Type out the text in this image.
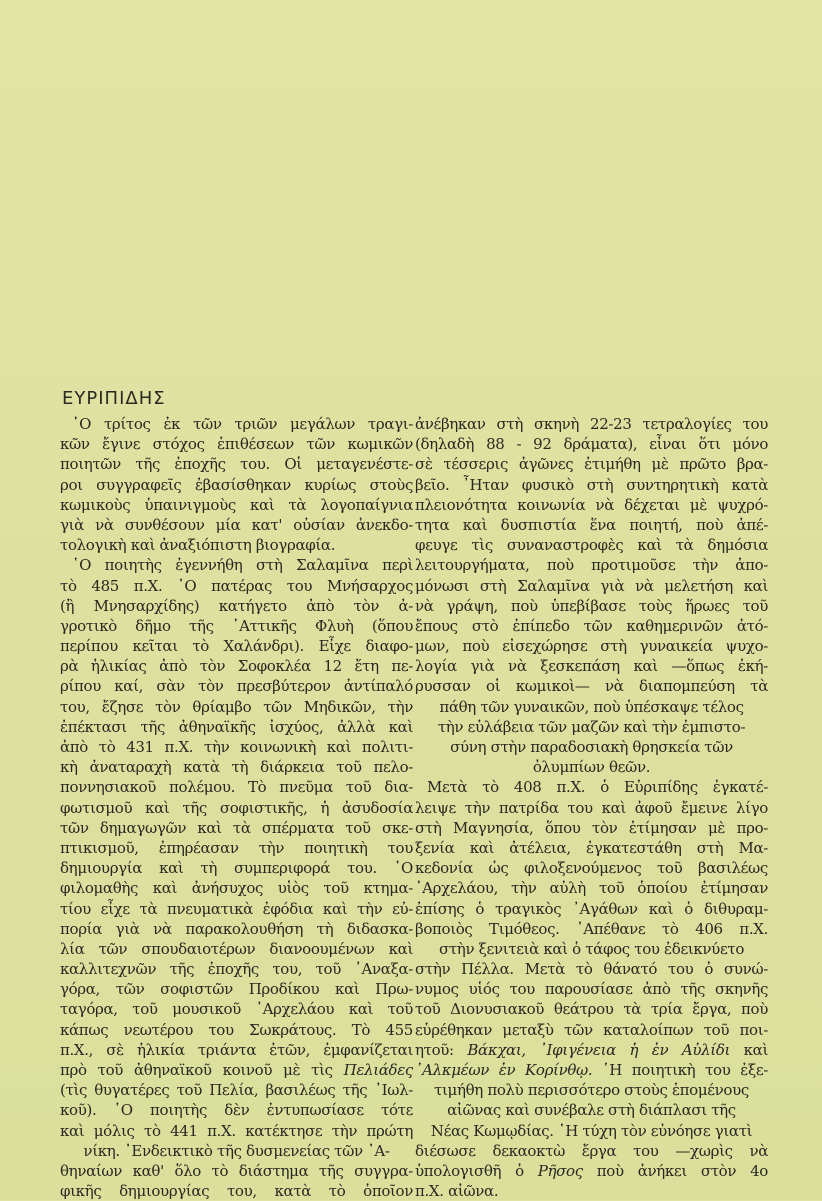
ΕΥΡΙΠΙΔΗΣ
῾Ο τρίτος ἐκ τῶν τριῶν μεγάλων τραγι-
κῶν ἔγινε στόχος ἐπιθέσεων τῶν κωμικῶν
ποιητῶν τῆς ἐποχῆς του. Οἱ μεταγενέστε-
ροι συγγραφεῖς ἐβασίσθηκαν κυρίως στοὺς
κωμικοὺς ὑπαινιγμοὺς καὶ τὰ λογοπαίγνια
γιὰ νὰ συνθέσουν μία κατ' οὐσίαν ἀνεκδο-
τολογικὴ καὶ ἀναξιόπιστη βιογραφία.
῾Ο ποιητὴς ἐγεννήθη στὴ Σαλαμῖνα περὶ
τὸ 485 π.Χ. ῾Ο πατέρας του Μνήσαρχος
(ἢ Μνησαρχίδης) κατήγετο ἀπὸ τὸν ἀ-
γροτικὸ δῆμο τῆς ᾿Αττικῆς Φλυὴ (ὅπου
περίπου κεῖται τὸ Χαλάνδρι). Εἶχε διαφο-
ρὰ ἡλικίας ἀπὸ τὸν Σοφοκλέα 12 ἔτη πε-
ρίπου καί, σὰν τὸν πρεσβύτερον ἀντίπαλό
του, ἔζησε τὸν θρίαμβο τῶν Μηδικῶν, τὴν
ἐπέκτασι τῆς ἀθηναϊκῆς ἰσχύος, ἀλλὰ καὶ
ἀπὸ τὸ 431 π.Χ. τὴν κοινωνικὴ καὶ πολιτι-
κὴ ἀναταραχὴ κατὰ τὴ διάρκεια τοῦ πελο-
ποννησιακοῦ πολέμου. Τὸ πνεῦμα τοῦ δια-
φωτισμοῦ καὶ τῆς σοφιστικῆς, ἡ ἀσυδοσία
τῶν δημαγωγῶν καὶ τὰ σπέρματα τοῦ σκε-
πτικισμοῦ, ἐπηρέασαν τὴν ποιητικὴ του
δημιουργία καὶ τὴ συμπεριφορά του. ῾Ο
φιλομαθὴς καὶ ἀνήσυχος υἱὸς τοῦ κτημα-
τίου εἶχε τὰ πνευματικὰ ἐφόδια καὶ τὴν εὐ-
πορία γιὰ νὰ παρακολουθήση τὴ διδασκα-
λία τῶν σπουδαιοτέρων διανοουμένων καὶ
καλλιτεχνῶν τῆς ἐποχῆς του, τοῦ ᾿Αναξα-
γόρα, τῶν σοφιστῶν Προδίκου καὶ Πρω-
ταγόρα, τοῦ μουσικοῦ ᾿Αρχελάου καὶ τοῦ
κάπως νεωτέρου του Σωκράτους. Τὸ 455
π.Χ., σὲ ἡλικία τριάντα ἐτῶν, ἐμφανίζεται
πρὸ τοῦ ἀθηναϊκοῦ κοινοῦ μὲ τὶς Πελιάδες
(τὶς θυγατέρες τοῦ Πελία, βασιλέως τῆς ᾿Ιωλ-
κοῦ). ῾Ο ποιητὴς δὲν ἐντυπωσίασε τότε
καὶ μόλις τὸ 441 π.Χ. κατέκτησε τὴν πρώτη
νίκη. ᾿Ενδεικτικὸ τῆς δυσμενείας τῶν ᾿Α-
θηναίων καθ' ὅλο τὸ διάστημα τῆς συγγρα-
φικῆς δημιουργίας του, κατὰ τὸ ὁποῖον
ἀνέβηκαν στὴ σκηνὴ 22-23 τετραλογίες του
(δηλαδὴ 88 - 92 δράματα), εἶναι ὅτι μόνο
σὲ τέσσερις ἀγῶνες ἐτιμήθη μὲ πρῶτο βρα-
βεῖο. ῏Ηταν φυσικὸ στὴ συντηρητικὴ κατὰ
πλειονότητα κοινωνία νὰ δέχεται μὲ ψυχρό-
τητα καὶ δυσπιστία ἕνα ποιητή, ποὺ ἀπέ-
φευγε τὶς συναναστροφὲς καὶ τὰ δημόσια
λειτουργήματα, ποὺ προτιμοῦσε τὴν ἀπο-
μόνωσι στὴ Σαλαμῖνα γιὰ νὰ μελετήση καὶ
νὰ γράψη, ποὺ ὑπεβίβασε τοὺς ἥρωες τοῦ
ἔπους στὸ ἐπίπεδο τῶν καθημερινῶν ἀτό-
μων, ποὺ εἰσεχώρησε στὴ γυναικεία ψυχο-
λογία γιὰ νὰ ξεσκεπάση καὶ —ὅπως ἐκή-
ρυσσαν οἱ κωμικοὶ— νὰ διαπομπεύση τὰ
πάθη τῶν γυναικῶν, ποὺ ὑπέσκαψε τέλος
τὴν εὐλάβεια τῶν μαζῶν καὶ τὴν ἐμπιστο-
σύνη στὴν παραδοσιακὴ θρησκεία τῶν
ὀλυμπίων θεῶν.
Μετὰ τὸ 408 π.Χ. ὁ Εὐριπίδης ἐγκατέ-
λειψε τὴν πατρίδα του καὶ ἀφοῦ ἔμεινε λίγο
στὴ Μαγνησία, ὅπου τὸν ἐτίμησαν μὲ προ-
ξενία καὶ ἀτέλεια, ἐγκατεστάθη στὴ Μα-
κεδονία ὡς φιλοξενούμενος τοῦ βασιλέως
᾿Αρχελάου, τὴν αὐλὴ τοῦ ὁποίου ἐτίμησαν
ἐπίσης ὁ τραγικὸς ᾿Αγάθων καὶ ὁ διθυραμ-
βοποιὸς Τιμόθεος. ᾿Απέθανε τὸ 406 π.Χ.
στὴν ξενιτειὰ καὶ ὁ τάφος του ἐδεικνύετο
στὴν Πέλλα. Μετὰ τὸ θάνατό του ὁ συνώ-
νυμος υἱός του παρουσίασε ἀπὸ τῆς σκηνῆς
τοῦ Διονυσιακοῦ θεάτρου τὰ τρία ἔργα, ποὺ
εὑρέθηκαν μεταξὺ τῶν καταλοίπων τοῦ ποι-
ητοῦ: Βάκχαι, ᾿Ιφιγένεια ἡ ἐν Αὐλίδι καὶ
᾿Αλκμέων ἐν Κορίνθῳ. ῾Η ποιητικὴ του ἐξε-
τιμήθη πολὺ περισσότερο στοὺς ἑπομένους
αἰῶνας καὶ συνέβαλε στὴ διάπλασι τῆς
Νέας Κωμῳδίας. ῾Η τύχη τὸν εὐνόησε γιατὶ
διέσωσε δεκαοκτὼ ἔργα του —χωρὶς νὰ
ὑπολογισθῆ ὁ Ρῆσος ποὺ ἀνήκει στὸν 4ο
π.Χ. αἰῶνα.
